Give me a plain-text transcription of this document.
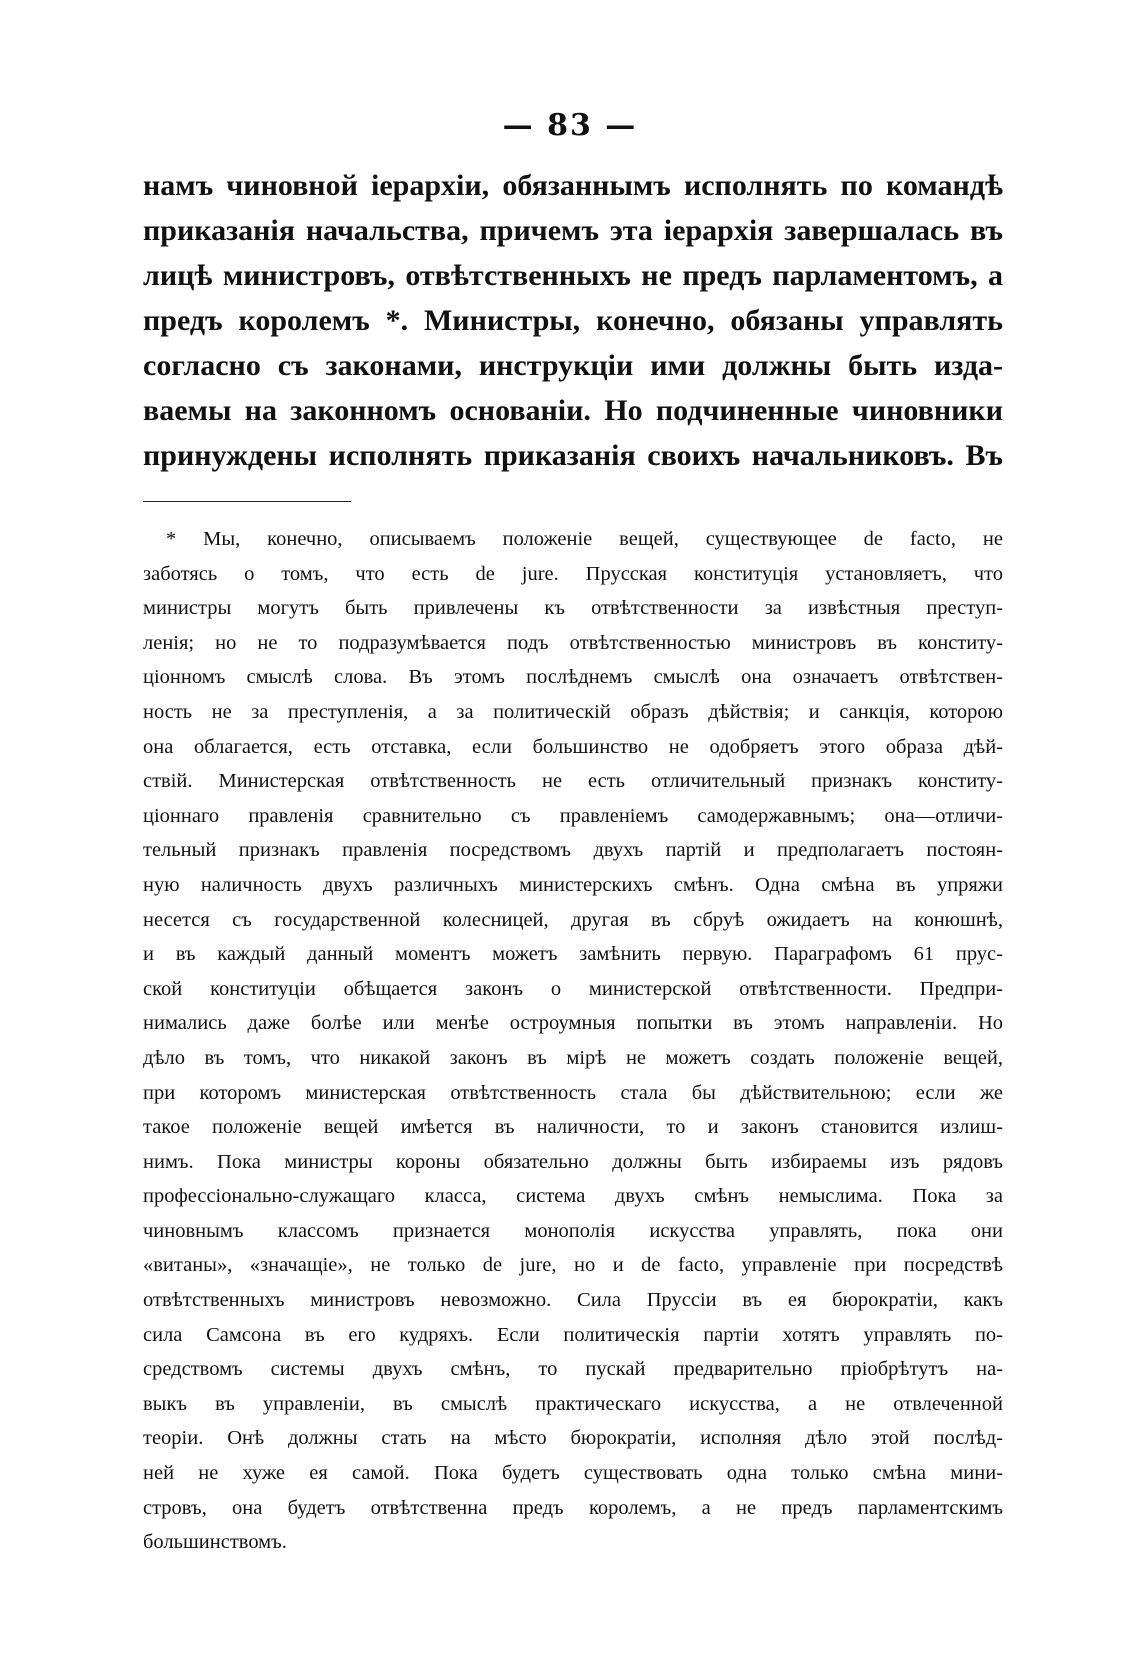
— 83 —
намъ чиновной іерархіи, обязаннымъ исполнять по командѣ
приказанія начальства, причемъ эта іерархія завершалась въ
лицѣ министровъ, отвѣтственныхъ не предъ парламентомъ, а
предъ королемъ *. Министры, конечно, обязаны управлять
согласно съ законами, инструкціи ими должны быть изда-
ваемы на законномъ основаніи. Но подчиненные чиновники
принуждены исполнять приказанія своихъ начальниковъ. Въ
* Мы, конечно, описываемъ положеніе вещей, существующее de facto, не
заботясь о томъ, что есть de jure. Прусская конституція установляетъ, что
министры могутъ быть привлечены къ отвѣтственности за извѣстныя преступ-
ленія; но не то подразумѣвается подъ отвѣтственностью министровъ въ конститу-
ціонномъ смыслѣ слова. Въ этомъ послѣднемъ смыслѣ она означаетъ отвѣтствен-
ность не за преступленія, а за политическій образъ дѣйствія; и санкція, которою
она облагается, есть отставка, если большинство не одобряетъ этого образа дѣй-
ствій. Министерская отвѣтственность не есть отличительный признакъ конститу-
ціоннаго правленія сравнительно съ правленіемъ самодержавнымъ; она—отличи-
тельный признакъ правленія посредствомъ двухъ партій и предполагаетъ постоян-
ную наличность двухъ различныхъ министерскихъ смѣнъ. Одна смѣна въ упряжи
несется съ государственной колесницей, другая въ сбруѣ ожидаетъ на конюшнѣ,
и въ каждый данный моментъ можетъ замѣнить первую. Параграфомъ 61 прус-
ской конституціи обѣщается законъ о министерской отвѣтственности. Предпри-
нимались даже болѣе или менѣе остроумныя попытки въ этомъ направленіи. Но
дѣло въ томъ, что никакой законъ въ мірѣ не можетъ создать положеніе вещей,
при которомъ министерская отвѣтственность стала бы дѣйствительною; если же
такое положеніе вещей имѣется въ наличности, то и законъ становится излиш-
нимъ. Пока министры короны обязательно должны быть избираемы изъ рядовъ
профессіонально-служащаго класса, система двухъ смѣнъ немыслима. Пока за
чиновнымъ классомъ признается монополія искусства управлять, пока они
«витаны», «значащіе», не только de jure, но и de facto, управленіе при посредствѣ
отвѣтственныхъ министровъ невозможно. Сила Пруссіи въ ея бюрократіи, какъ
сила Самсона въ его кудряхъ. Если политическія партіи хотятъ управлять по-
средствомъ системы двухъ смѣнъ, то пускай предварительно пріобрѣтутъ на-
выкъ въ управленіи, въ смыслѣ практическаго искусства, а не отвлеченной
теоріи. Онѣ должны стать на мѣсто бюрократіи, исполняя дѣло этой послѣд-
ней не хуже ея самой. Пока будетъ существовать одна только смѣна мини-
стровъ, она будетъ отвѣтственна предъ королемъ, а не предъ парламентскимъ
большинствомъ.
